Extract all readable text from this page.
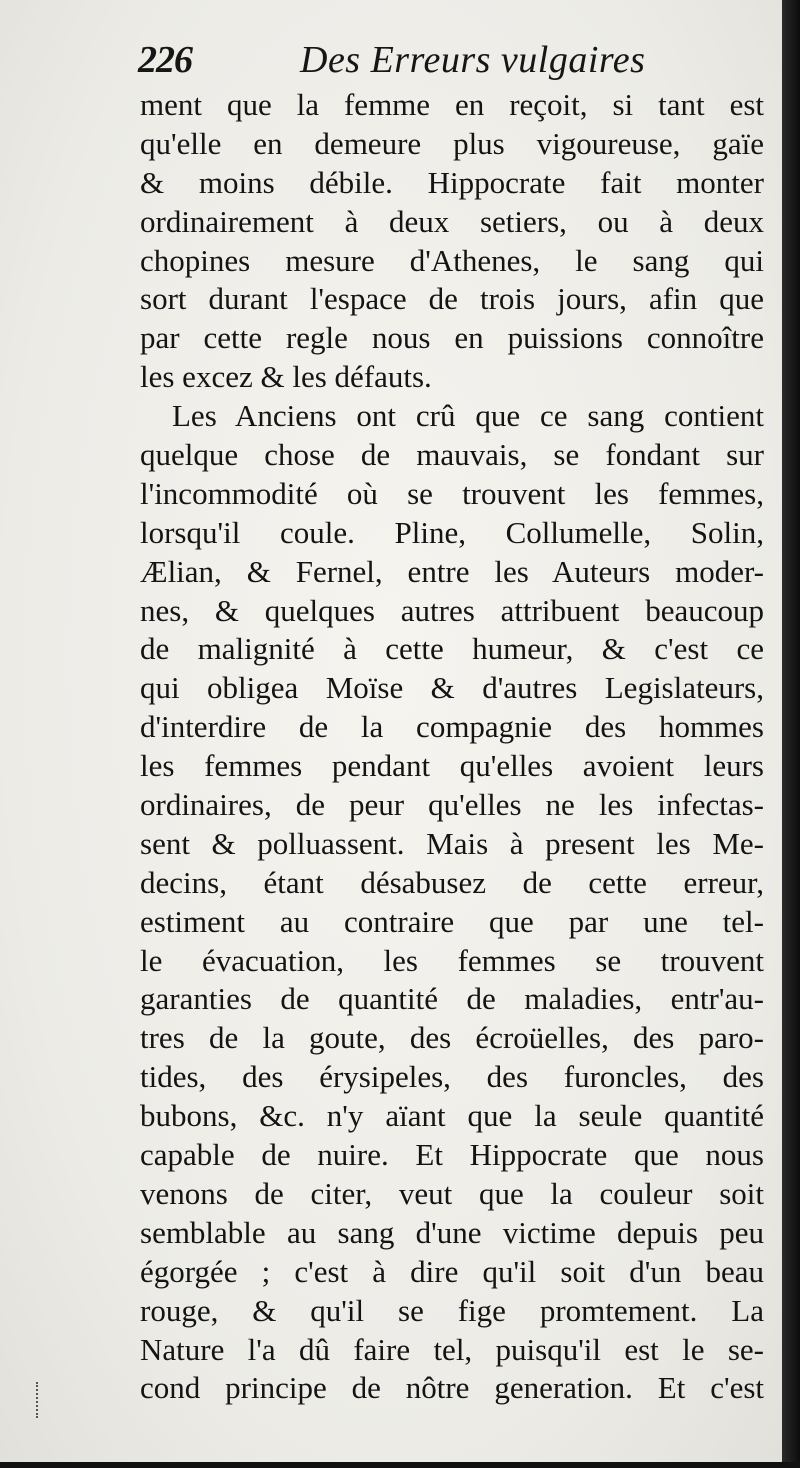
226	Des Erreurs vulgaires
ment que la femme en reçoit, si tant est
qu'elle en demeure plus vigoureuse, gaïe
& moins débile. Hippocrate fait monter
ordinairement à deux setiers, ou à deux
chopines mesure d'Athenes, le sang qui
sort durant l'espace de trois jours, afin que
par cette regle nous en puissions connoître
les excez & les défauts.
Les Anciens ont crû que ce sang contient
quelque chose de mauvais, se fondant sur
l'incommodité où se trouvent les femmes,
lorsqu'il coule. Pline, Collumelle, Solin,
Ælian, & Fernel, entre les Auteurs moder-
nes, & quelques autres attribuent beaucoup
de malignité à cette humeur, & c'est ce
qui obligea Moïse & d'autres Legislateurs,
d'interdire de la compagnie des hommes
les femmes pendant qu'elles avoient leurs
ordinaires, de peur qu'elles ne les infectas-
sent & polluassent. Mais à present les Me-
decins, étant désabusez de cette erreur,
estiment au contraire que par une tel-
le évacuation, les femmes se trouvent
garanties de quantité de maladies, entr'au-
tres de la goute, des écroüelles, des paro-
tides, des érysipeles, des furoncles, des
bubons, &c. n'y aïant que la seule quantité
capable de nuire. Et Hippocrate que nous
venons de citer, veut que la couleur soit
semblable au sang d'une victime depuis peu
égorgée ; c'est à dire qu'il soit d'un beau
rouge, & qu'il se fige promtement. La
Nature l'a dû faire tel, puisqu'il est le se-
cond principe de nôtre generation. Et c'est
